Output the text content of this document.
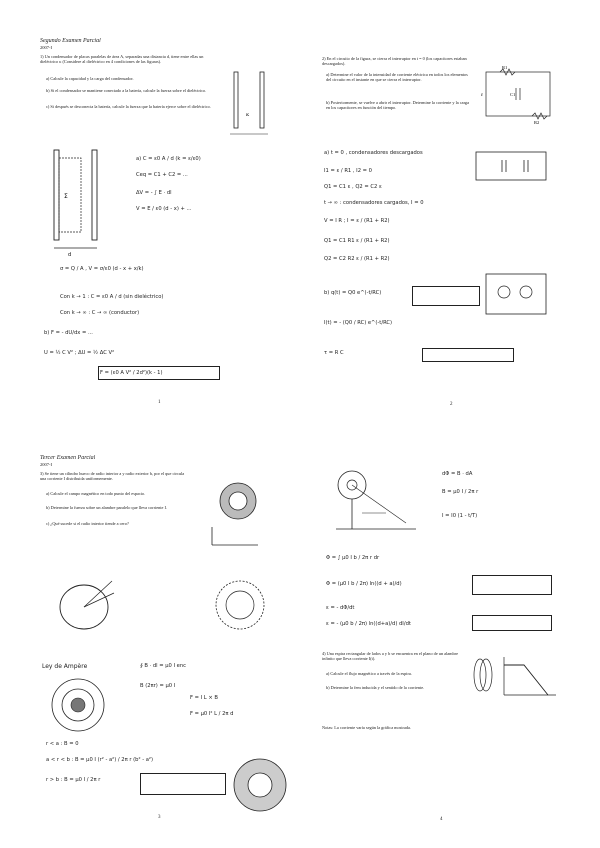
Segundo Examen Parcial
2007-I
1) Un condensador de placas paralelas de área A, separadas una distancia d, tiene entre ellas un dieléctrico κ (Considere al dieléctrico en 4 condiciones de las figuras).
a) Calcule la capacidad y la carga del condensador.
b) Si el condensador se mantiene conectado a la batería, calcule la fuerza sobre el dieléctrico.
c) Si después se desconecta la batería, calcule la fuerza que la batería ejerce sobre el dieléctrico.
κ
Σ
d
a) C = ε0 A / d (k = ε/ε0)
Ceq = C1 + C2 = ...
ΔV = - ∫ E · dl
V = E / ε0 (d - x) + ...
σ = Q / A , V = σ/ε0 (d - x + x/k)
Con k → 1 : C = ε0 A / d (sin dieléctrico)
Con k → ∞ : C → ∞ (conductor)
b) F = - dU/dx = ...
U = ½ C V² ; ΔU = ½ ΔC V²
F = (ε0 A V² / 2d²)(k - 1)
1
2) En el circuito de la figura, se cierra el interruptor en t = 0 (los capacitores estaban descargados).
a) Determine el valor de la intensidad de corriente eléctrica en todos los elementos del circuito en el instante en que se cierra el interruptor.
b) Posteriormente, se vuelve a abrir el interruptor. Determine la corriente y la carga en los capacitores en función del tiempo.
R1
C1
R2
ε
a) t = 0 , condensadores descargados
I1 = ε / R1 , I2 = 0
Q1 = C1 ε , Q2 = C2 ε
t → ∞ : condensadores cargados, I = 0
V = I R ; I = ε / (R1 + R2)
Q1 = C1 R1 ε / (R1 + R2)
Q2 = C2 R2 ε / (R1 + R2)
b) q(t) = Q0 e^(-t/RC)
I(t) = - (Q0 / RC) e^(-t/RC)
τ = R C
2
Tercer Examen Parcial
2007-I
3) Se tiene un cilindro hueco de radio interior a y radio exterior b, por el que circula una corriente I distribuida uniformemente.
a) Calcule el campo magnético en todo punto del espacio.
b) Determine la fuerza sobre un alambre paralelo que lleva corriente I.
c) ¿Qué sucede si el radio interior tiende a cero?
Ley de Ampère	∮ B · dl = μ0 I enc
B (2πr) = μ0 I
r < a : B = 0
a < r < b : B = μ0 I (r² - a²) / 2π r (b² - a²)
r > b : B = μ0 I / 2π r
F = I L × B
F = μ0 I² L / 2π d
3
dΦ = B · dA
B = μ0 I / 2π r
I = I0 (1 - t/T)
Φ = ∫ μ0 I b / 2π r dr
Φ = (μ0 I b / 2π) ln((d + a)/d)
ε = - dΦ/dt
ε = - (μ0 b / 2π) ln((d+a)/d) dI/dt
4) Una espira rectangular de lados a y b se encuentra en el plano de un alambre infinito que lleva corriente I(t).
a) Calcule el flujo magnético a través de la espira.
b) Determine la fem inducida y el sentido de la corriente.
Notas: La corriente varía según la gráfica mostrada.
4
